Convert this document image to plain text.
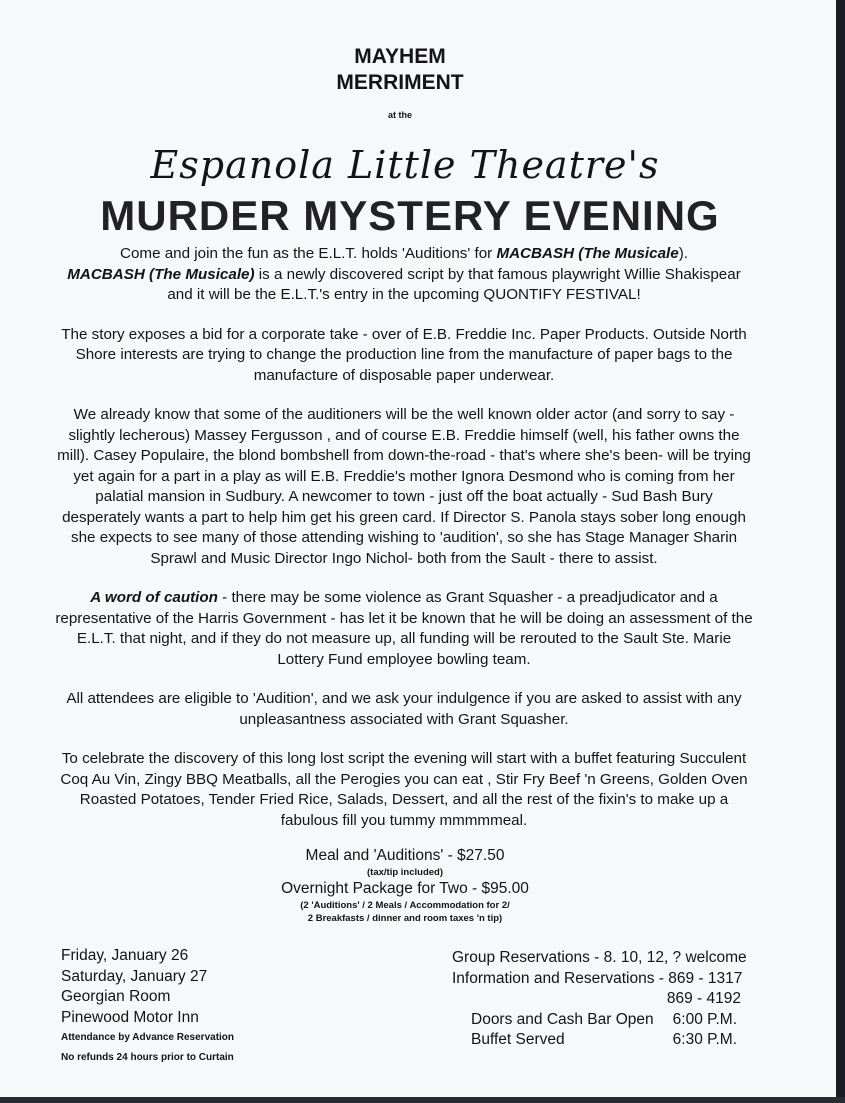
MAYHEM
MERRIMENT
at the
Espanola Little Theatre's
MURDER MYSTERY EVENING

Come and join the fun as the E.L.T. holds 'Auditions' for MACBASH (The Musicale).
MACBASH (The Musicale) is a newly discovered script by that famous playwright Willie Shakispear and it will be the E.L.T.'s entry in the upcoming QUONTIFY FESTIVAL!

The story exposes a bid for a corporate take - over of E.B. Freddie Inc. Paper Products. Outside North Shore interests are trying to change the production line from the manufacture of paper bags to the manufacture of disposable paper underwear.

We already know that some of the auditioners will be the well known older actor (and sorry to say - slightly lecherous) Massey Fergusson , and of course E.B. Freddie himself (well, his father owns the mill). Casey Populaire, the blond bombshell from down-the-road - that's where she's been- will be trying yet again for a part in a play as will E.B. Freddie's mother Ignora Desmond who is coming from her palatial mansion in Sudbury. A newcomer to town - just off the boat actually - Sud Bash Bury desperately wants a part to help him get his green card. If Director S. Panola stays sober long enough she expects to see many of those attending wishing to 'audition', so she has Stage Manager Sharin Sprawl and Music Director Ingo Nichol- both from the Sault - there to assist.

A word of caution - there may be some violence as Grant Squasher - a preadjudicator and a representative of the Harris Government - has let it be known that he will be doing an assessment of the E.L.T. that night, and if they do not measure up, all funding will be rerouted to the Sault Ste. Marie Lottery Fund employee bowling team.

All attendees are eligible to 'Audition', and we ask your indulgence if you are asked to assist with any unpleasantness associated with Grant Squasher.

To celebrate the discovery of this long lost script the evening will start with a buffet featuring Succulent Coq Au Vin, Zingy BBQ Meatballs, all the Perogies you can eat , Stir Fry Beef 'n Greens, Golden Oven Roasted Potatoes, Tender Fried Rice, Salads, Dessert, and all the rest of the fixin's to make up a fabulous fill you tummy mmmmmeal.

Meal and 'Auditions' - $27.50
(tax/tip included)
Overnight Package for Two - $95.00
(2 'Auditions' / 2 Meals / Accommodation for 2/
2 Breakfasts / dinner and room taxes 'n tip)
Friday, January 26
Saturday, January 27
Georgian Room
Pinewood Motor Inn
Attendance by Advance Reservation
No refunds 24 hours prior to Curtain
Group Reservations - 8. 10, 12, ? welcome
Information and Reservations - 869 - 1317
869 - 4192
Doors and Cash Bar Open 6:00 P.M.
Buffet Served	6:30 P.M.
